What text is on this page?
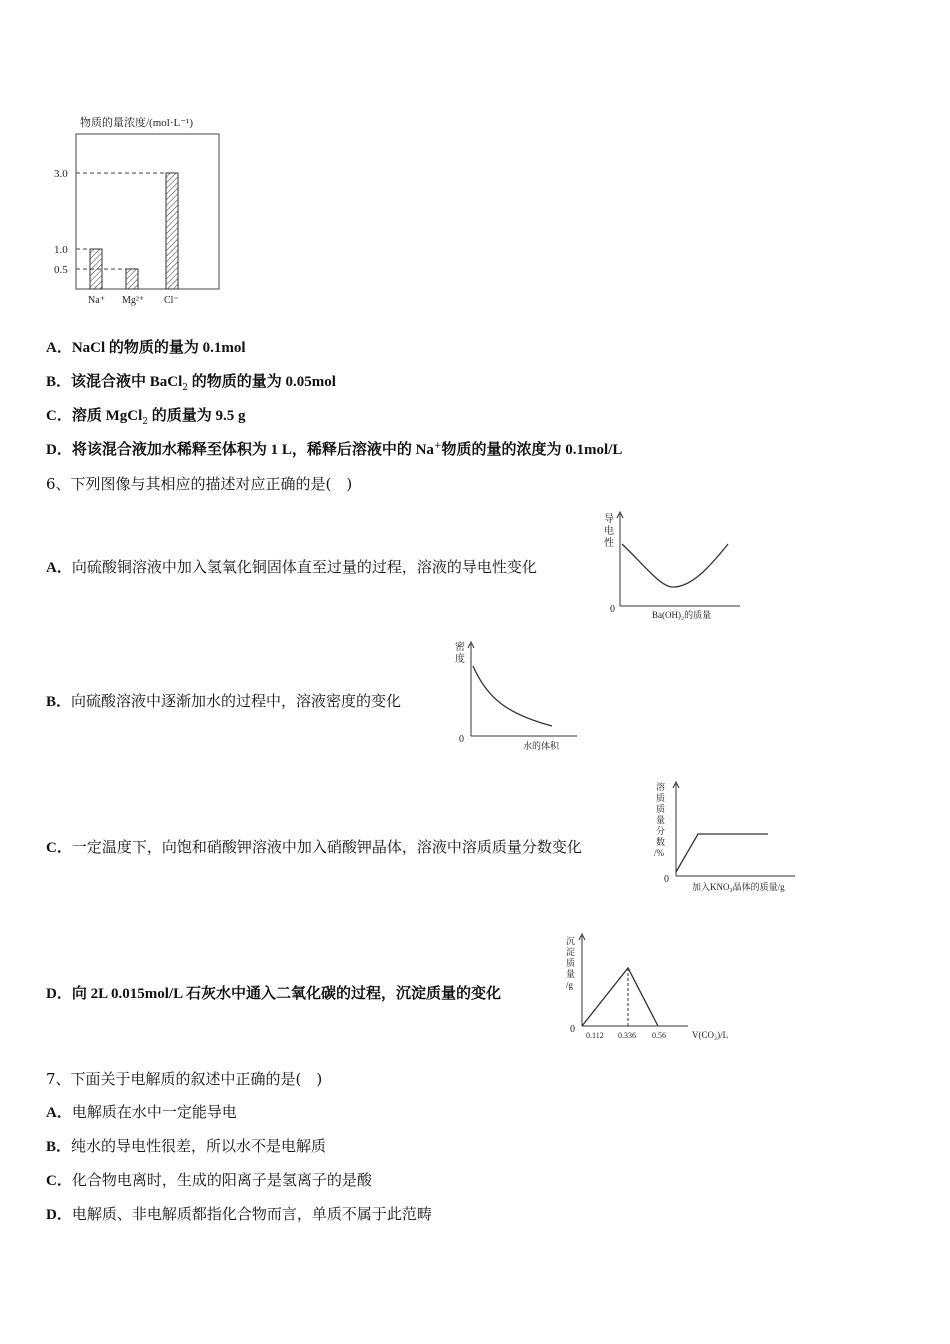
物质的量浓度/(mol·L⁻¹)
3.0
1.0
0.5
Na⁺ Mg²⁺ Cl⁻
A．NaCl 的物质的量为 0.1mol
B．该混合液中 BaCl$_2$ 的物质的量为 0.05mol
C．溶质 MgCl$_2$ 的质量为 9.5 g
D．将该混合液加水稀释至体积为 1 L，稀释后溶液中的 Na+物质的量的浓度为 0.1mol/L
6、下列图像与其相应的描述对应正确的是(　)
A．向硫酸铜溶液中加入氢氧化铜固体直至过量的过程，溶液的导电性变化
导
电
性
0	Ba(OH)₂的质量
B．向硫酸溶液中逐渐加水的过程中，溶液密度的变化
密
度
0
水的体积
C．一定温度下，向饱和硝酸钾溶液中加入硝酸钾晶体，溶液中溶质质量分数变化
溶
质
质
量
分
数
/%
0
加入KNO₃晶体的质量/g
D．向 2L 0.015mol/L 石灰水中通入二氧化碳的过程，沉淀质量的变化
沉
淀
质
量
/g
0
0.112 0.336 0.56	V(CO₂)/L
7、下面关于电解质的叙述中正确的是(　)
A．电解质在水中一定能导电
B．纯水的导电性很差，所以水不是电解质
C．化合物电离时，生成的阳离子是氢离子的是酸
D．电解质、非电解质都指化合物而言，单质不属于此范畴
